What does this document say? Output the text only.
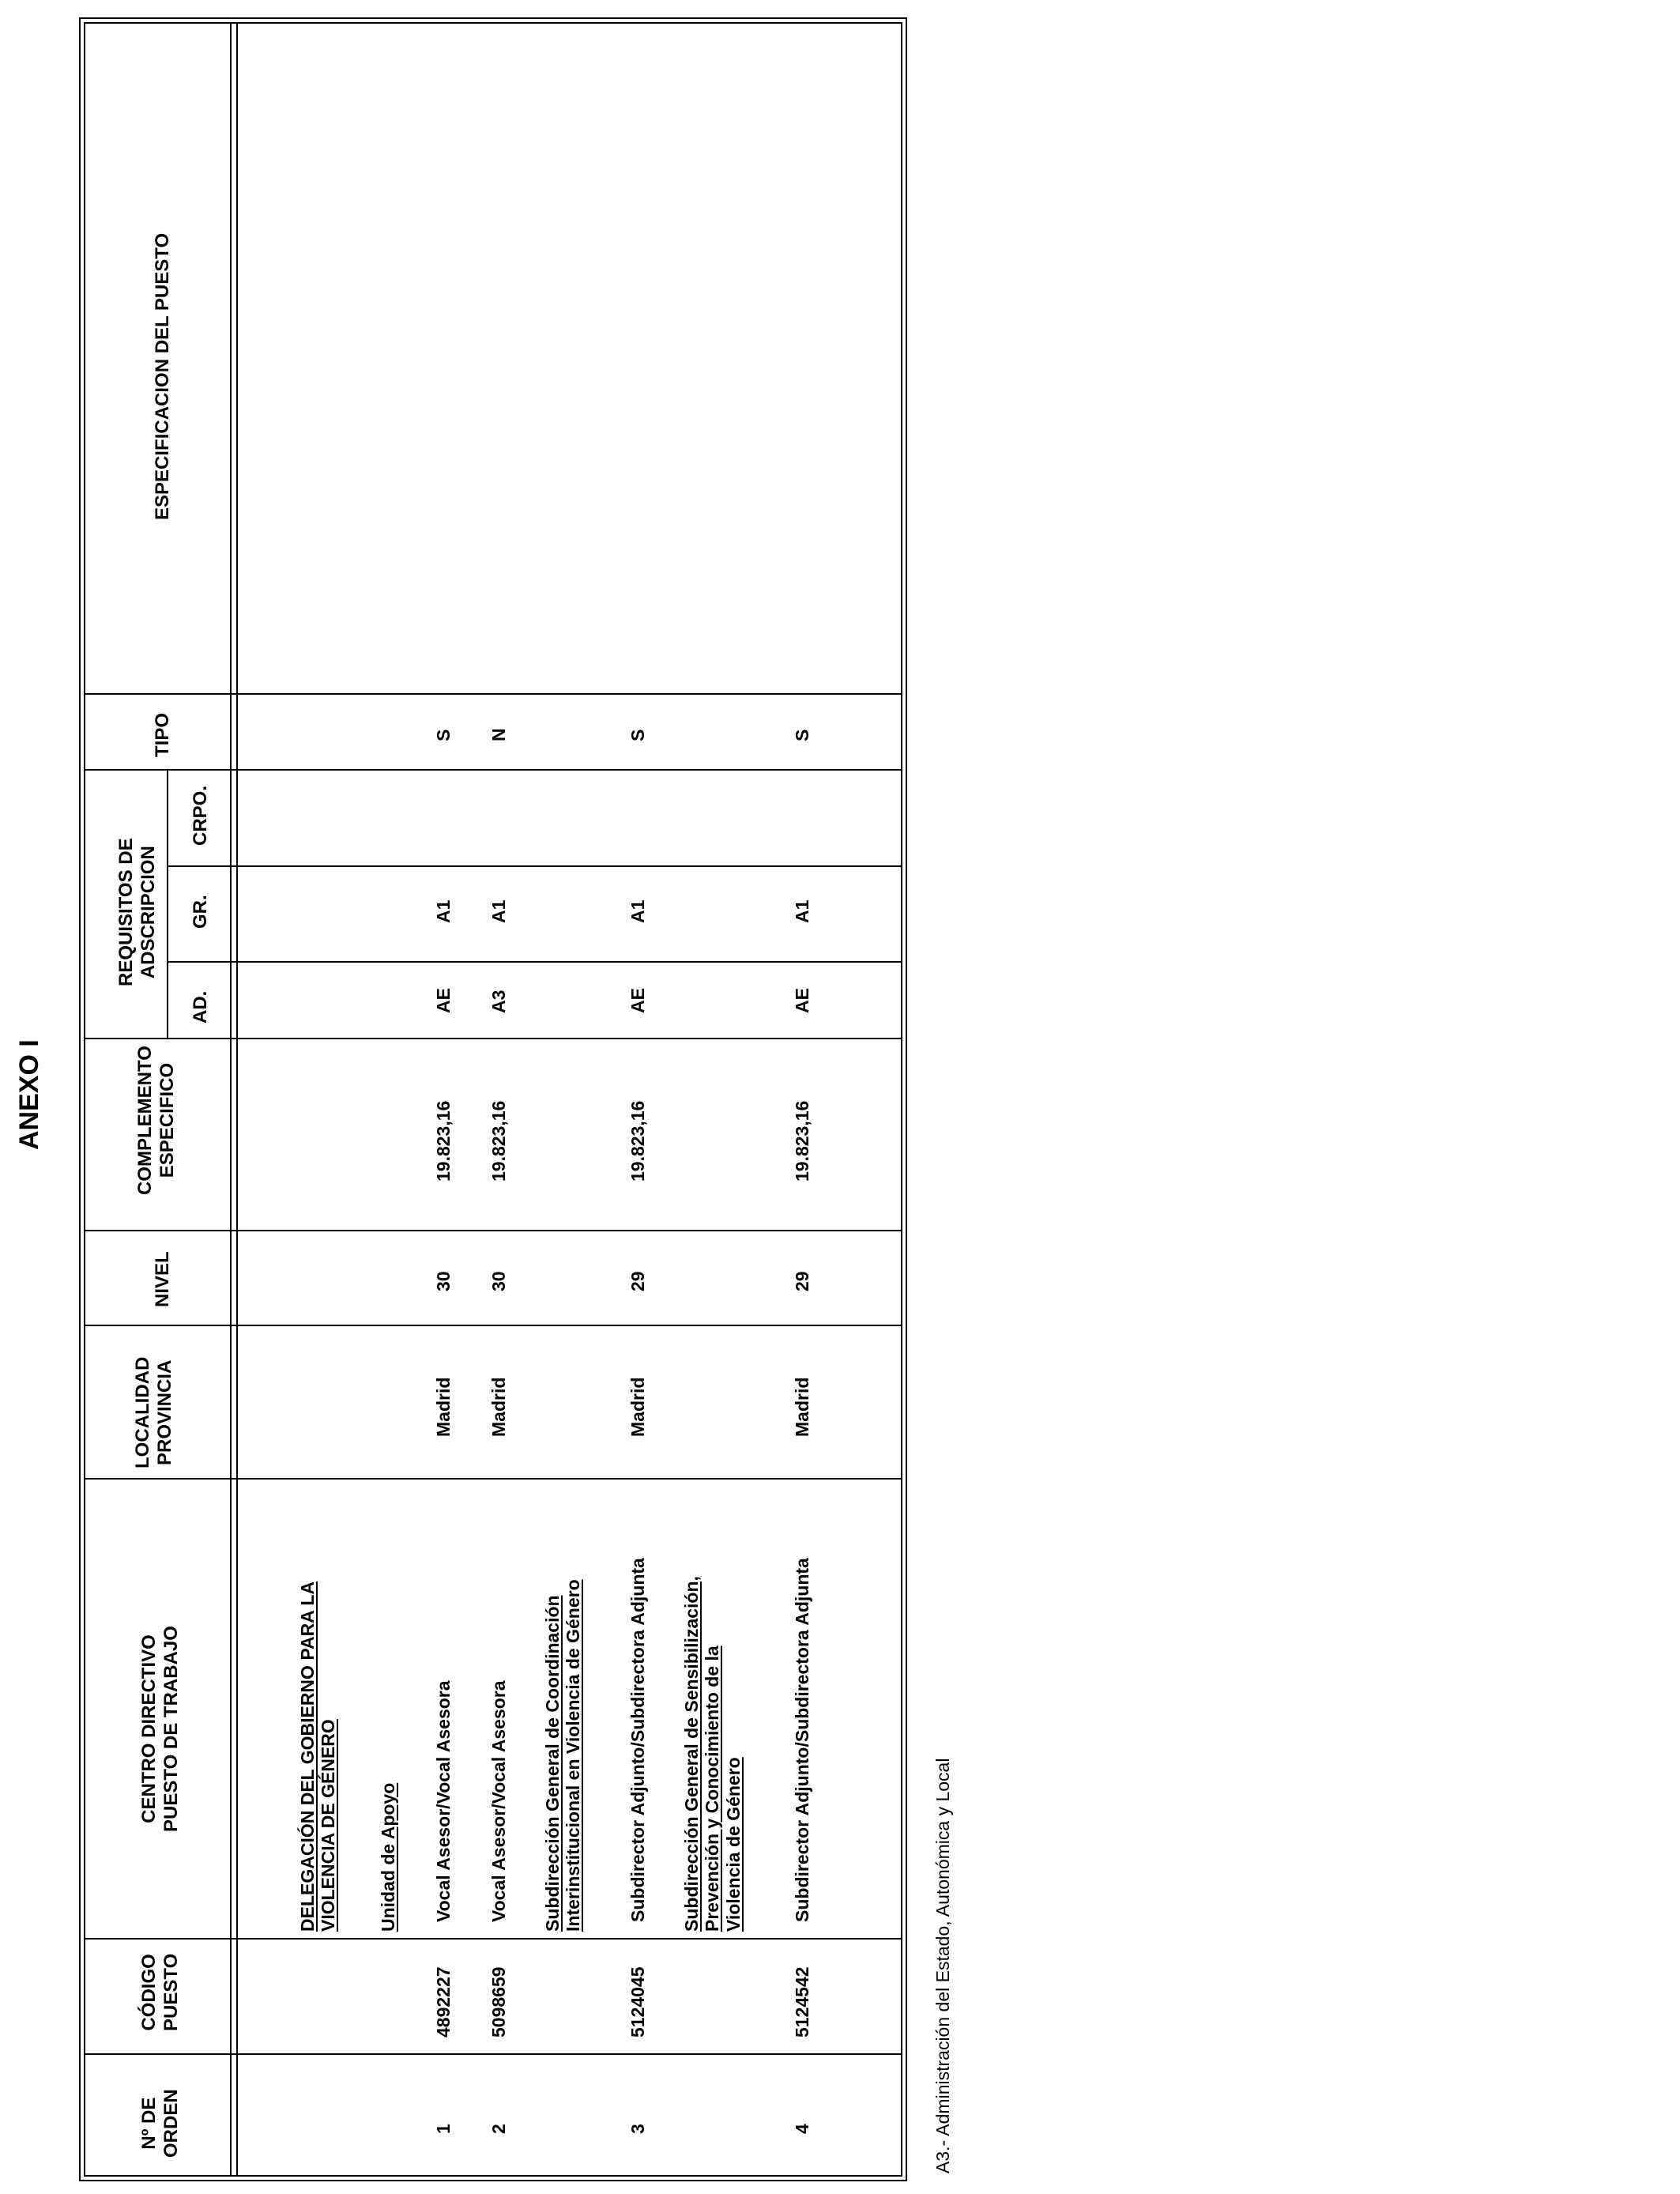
ANEXO I
Nº DE ORDEN
CÓDIGO PUESTO
CENTRO DIRECTIVO PUESTO DE TRABAJO
LOCALIDAD PROVINCIA
NIVEL
COMPLEMENTO ESPECIFICO
REQUISITOS DE ADSCRIPCION
AD.
GR.
CRPO.
TIPO
ESPECIFICACION DEL PUESTO
DELEGACIÓN DEL GOBIERNO PARA LA VIOLENCIA DE GÉNERO Unidad de Apoyo	Subdirección General de Coordinación Interinstitucional en Violencia de Género	Subdirección General de Sensibilización, Prevención y Conocimiento de la Violencia de Género
1
4892227
Vocal Asesor/Vocal Asesora
Madrid
30
19.823,16
AE
A1
S
2
5098659
Vocal Asesor/Vocal Asesora
Madrid
30
19.823,16
A3
A1
N
3
5124045
Subdirector Adjunto/Subdirectora Adjunta
Madrid
29
19.823,16
AE
A1
S
4
5124542
Subdirector Adjunto/Subdirectora Adjunta
Madrid
29
19.823,16
AE
A1
S
A3.- Administración del Estado, Autonómica y Local
